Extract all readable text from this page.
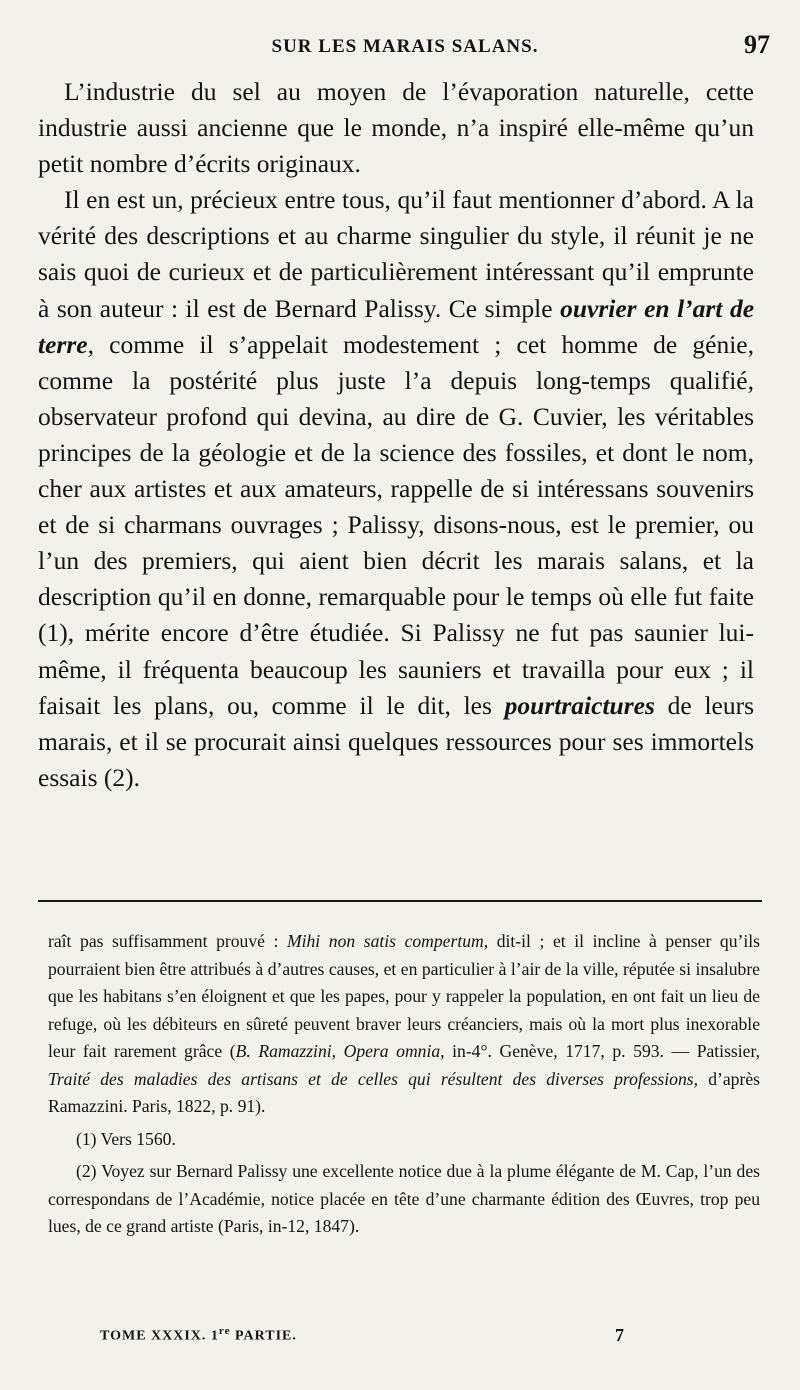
SUR LES MARAIS SALANS.	97

L’industrie du sel au moyen de l’évaporation naturelle, cette industrie aussi ancienne que le monde, n’a inspiré elle-même qu’un petit nombre d’écrits originaux.

Il en est un, précieux entre tous, qu’il faut mentionner d’abord. A la vérité des descriptions et au charme singulier du style, il réunit je ne sais quoi de curieux et de particulièrement intéressant qu’il emprunte à son auteur : il est de Bernard Palissy. Ce simple ouvrier en l’art de terre, comme il s’appelait modestement ; cet homme de génie, comme la postérité plus juste l’a depuis long-temps qualifié, observateur profond qui devina, au dire de G. Cuvier, les véritables principes de la géologie et de la science des fossiles, et dont le nom, cher aux artistes et aux amateurs, rappelle de si intéressans souvenirs et de si charmans ouvrages ; Palissy, disons-nous, est le premier, ou l’un des premiers, qui aient bien décrit les marais salans, et la description qu’il en donne, remarquable pour le temps où elle fut faite (1), mérite encore d’être étudiée. Si Palissy ne fut pas saunier lui-même, il fréquenta beaucoup les sauniers et travailla pour eux ; il faisait les plans, ou, comme il le dit, les pourtraictures de leurs marais, et il se procurait ainsi quelques ressources pour ses immortels essais (2).

raît pas suffisamment prouvé : Mihi non satis compertum, dit-il ; et il incline à penser qu’ils pourraient bien être attribués à d’autres causes, et en particulier à l’air de la ville, réputée si insalubre que les habitans s’en éloignent et que les papes, pour y rappeler la population, en ont fait un lieu de refuge, où les débiteurs en sûreté peuvent braver leurs créanciers, mais où la mort plus inexorable leur fait rarement grâce (B. Ramazzini, Opera omnia, in-4°. Genève, 1717, p. 593. — Patissier, Traité des maladies des artisans et de celles qui résultent des diverses professions, d’après Ramazzini. Paris, 1822, p. 91).

(1) Vers 1560.

(2) Voyez sur Bernard Palissy une excellente notice due à la plume élégante de M. Cap, l’un des correspondans de l’Académie, notice placée en tête d’une charmante édition des Œuvres, trop peu lues, de ce grand artiste (Paris, in-12, 1847).

TOME XXXIX. 1re PARTIE.	7
